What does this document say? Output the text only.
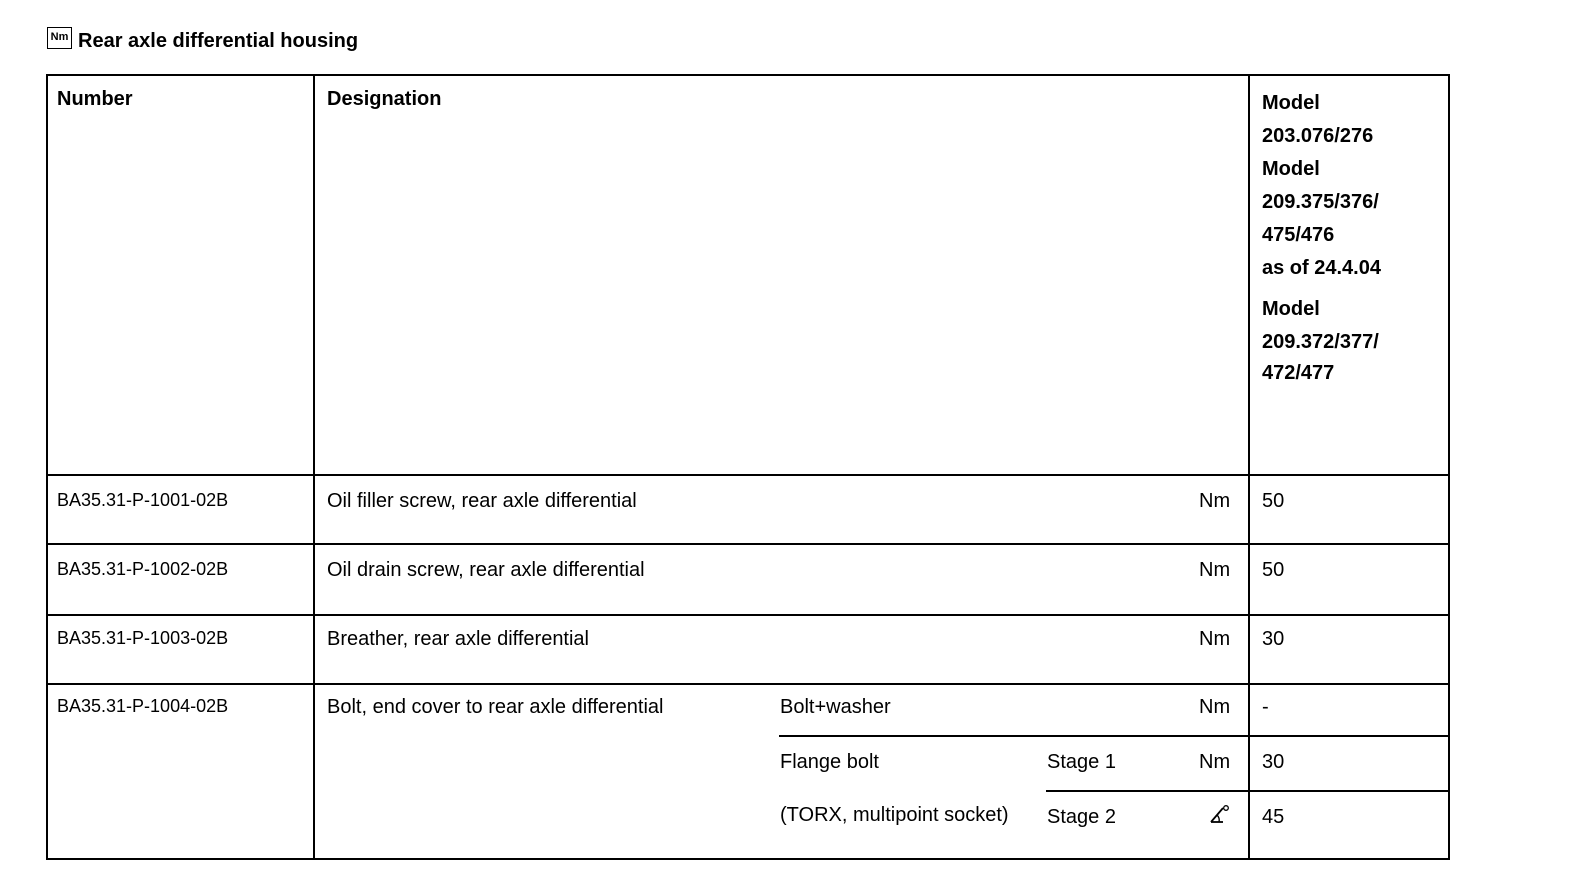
Nm Rear axle differential housing
Number	Designation	Model
203.076/276
Model
209.375/376/
475/476
as of 24.4.04
Model
209.372/377/
472/477
BA35.31-P-1001-02B	Oil filler screw, rear axle differential	Nm 50
BA35.31-P-1002-02B	Oil drain screw, rear axle differential	Nm 50
BA35.31-P-1003-02B	Breather, rear axle differential	Nm 30
BA35.31-P-1004-02B	Bolt, end cover to rear axle differential	Bolt+washer	Nm -
Flange bolt	Stage 1	Nm 30
(TORX, multipoint socket) Stage 2	45
